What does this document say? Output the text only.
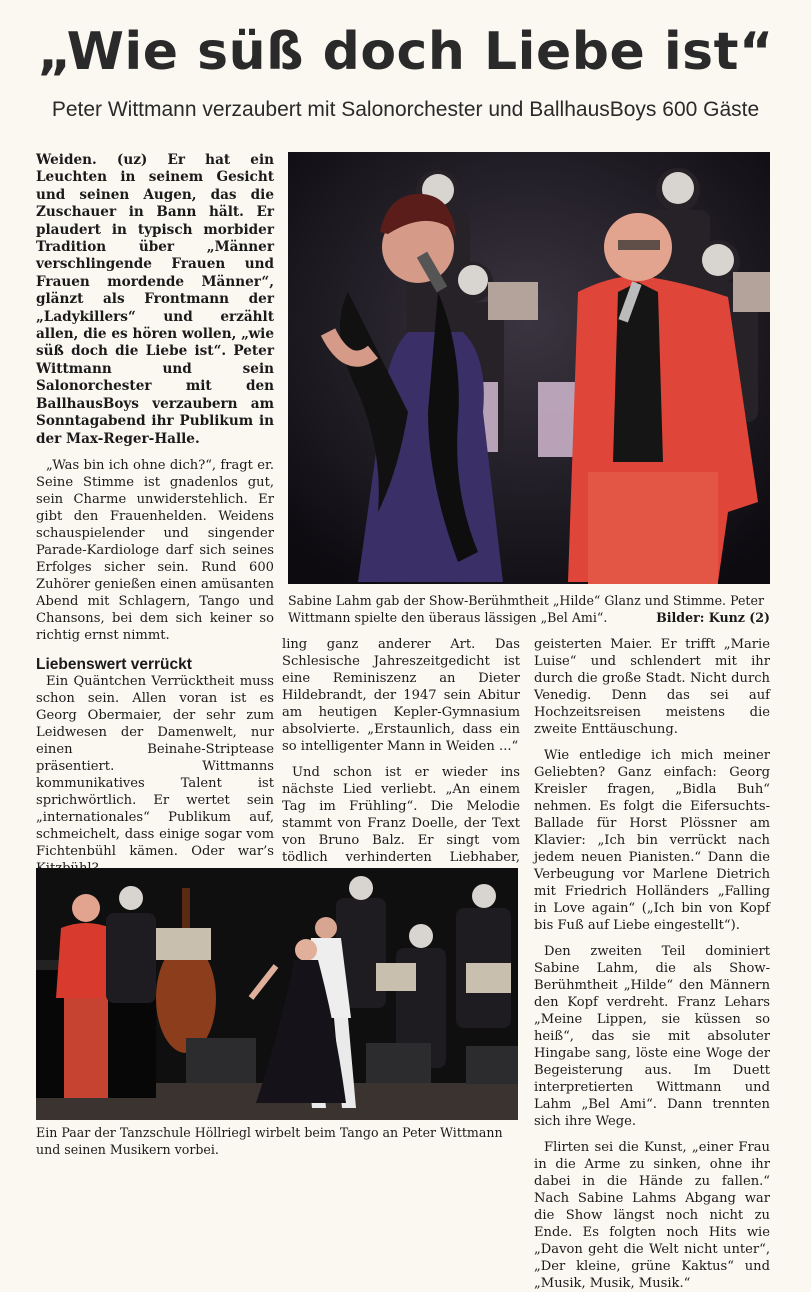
„Wie süß doch Liebe ist“
Peter Wittmann verzaubert mit Salonorchester und BallhausBoys 600 Gäste

Weiden. (uz) Er hat ein Leuchten in seinem Gesicht und seinen Augen, das die Zuschauer in Bann hält. Er plaudert in typisch morbider Tradition über „Männer verschlingende Frauen und Frauen mordende Männer“, glänzt als Frontmann der „Ladykillers“ und erzählt allen, die es hören wollen, „wie süß doch die Liebe ist“. Peter Wittmann und sein Salonorchester mit den BallhausBoys verzaubern am Sonntagabend ihr Publikum in der Max-Reger-Halle.

„Was bin ich ohne dich?“, fragt er. Seine Stimme ist gnadenlos gut, sein Charme unwiderstehlich. Er gibt den Frauenhelden. Weidens schauspielender und singender Parade-Kardiologe darf sich seines Erfolges sicher sein. Rund 600 Zuhörer genießen einen amüsanten Abend mit Schlagern, Tango und Chansons, bei dem sich keiner so richtig ernst nimmt.

Liebenswert verrückt

Ein Quäntchen Verrücktheit muss schon sein. Allen voran ist es Georg Obermaier, der sehr zum Leidwesen der Damenwelt, nur einen Beinahe-Striptease präsentiert. Wittmanns kommunikatives Talent ist sprichwörtlich. Er wertet sein „internationales“ Publikum auf, schmeichelt, dass einige sogar vom Fichtenbühl kämen. Oder war’s

Sabine Lahm gab der Show-Berühmtheit „Hilde“ Glanz und Stimme. Peter Wittmann spielte den überaus lässigen „Bel Ami“.	Bilder: Kunz (2)

ling ganz anderer Art. Das Schlesische Jahreszeitgedicht ist eine Reminiszenz an Dieter Hildebrandt, der 1947 sein Abitur am heutigen Kepler-Gymnasium absolvierte. „Erstaunlich, dass ein so intelligenter Mann in Weiden ...“

Und schon ist er wieder ins nächste Lied verliebt. „An einem Tag im Frühling“. Die Melodie stammt von Franz Doelle, der Text von Bruno Balz. Er singt vom tödlich verhinderten Liebhaber,

geisterten Maier. Er trifft „Marie Luise“ und schlendert mit ihr durch die große Stadt. Nicht durch Venedig. Denn das sei auf Hochzeitsreisen meistens die zweite Enttäuschung.

Wie entledige ich mich meiner Geliebten? Ganz einfach: Georg Kreisler fragen, „Bidla Buh“ nehmen. Es folgt die Eifersuchts-Ballade für Horst Plössner am Klavier: „Ich bin verrückt nach jedem neuen Pianisten.“ Dann die Verbeugung vor Marlene Dietrich mit Friedrich Holländers „Falling in Love again“ („Ich bin von Kopf bis Fuß auf Liebe eingestellt“).

Den zweiten Teil dominiert Sabine Lahm, die als Show-Berühmtheit „Hilde“ den Männern den Kopf verdreht. Franz Lehars „Meine Lippen, sie küssen so heiß“, das sie mit absoluter Hingabe sang, löste eine Woge der Begeisterung aus. Im Duett interpretierten Wittmann und Lahm „Bel Ami“. Dann trennten sich ihre Wege.

Flirten sei die Kunst, „einer Frau in die Arme zu sinken, ohne ihr dabei in die Hände zu fallen.“ Nach Sabine Lahms Abgang war die Show längst noch nicht zu Ende. Es folgten noch Hits wie „Davon geht die Welt nicht unter“, „Der kleine, grüne Kaktus“ und „Musik, Musik, Musik.“

Ein Paar der Tanzschule Höllriegl wirbelt beim Tango an Peter Wittmann und seinen Musikern vorbei.
